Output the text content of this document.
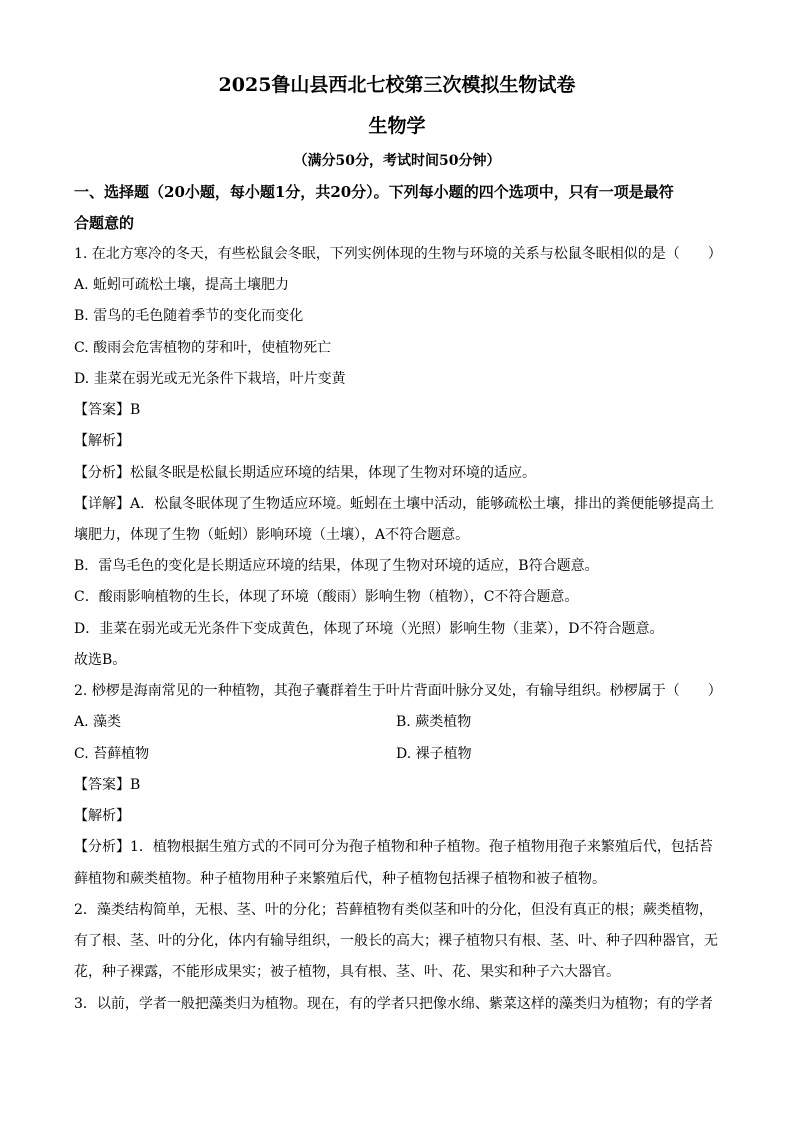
2025鲁山县西北七校第三次模拟生物试卷
生物学
（满分50分，考试时间50分钟）
一、选择题（20小题，每小题1分，共20分）。下列每小题的四个选项中，只有一项是最符
合题意的
1. 在北方寒冷的冬天，有些松鼠会冬眠，下列实例体现的生物与环境的关系与松鼠冬眠相似的是（　　）
A. 蚯蚓可疏松土壤，提高土壤肥力
B. 雷鸟的毛色随着季节的变化而变化
C. 酸雨会危害植物的芽和叶，使植物死亡
D. 韭菜在弱光或无光条件下栽培，叶片变黄
【答案】B
【解析】
【分析】松鼠冬眠是松鼠长期适应环境的结果，体现了生物对环境的适应。
【详解】A．松鼠冬眠体现了生物适应环境。蚯蚓在土壤中活动，能够疏松土壤，排出的粪便能够提高土
壤肥力，体现了生物（蚯蚓）影响环境（土壤），A不符合题意。
B．雷鸟毛色的变化是长期适应环境的结果，体现了生物对环境的适应，B符合题意。
C．酸雨影响植物的生长，体现了环境（酸雨）影响生物（植物），C不符合题意。
D．韭菜在弱光或无光条件下变成黄色，体现了环境（光照）影响生物（韭菜），D不符合题意。
故选B。
2. 桫椤是海南常见的一种植物，其孢子囊群着生于叶片背面叶脉分叉处，有输导组织。桫椤属于（　　）
A. 藻类	B. 蕨类植物
C. 苔藓植物	D. 裸子植物
【答案】B
【解析】
【分析】1．植物根据生殖方式的不同可分为孢子植物和种子植物。孢子植物用孢子来繁殖后代，包括苔
藓植物和蕨类植物。种子植物用种子来繁殖后代，种子植物包括裸子植物和被子植物。
2．藻类结构简单，无根、茎、叶的分化；苔藓植物有类似茎和叶的分化，但没有真正的根；蕨类植物，
有了根、茎、叶的分化，体内有输导组织，一般长的高大；裸子植物只有根、茎、叶、种子四种器官，无
花，种子裸露，不能形成果实；被子植物，具有根、茎、叶、花、果实和种子六大器官。
3．以前，学者一般把藻类归为植物。现在，有的学者只把像水绵、紫菜这样的藻类归为植物；有的学者
